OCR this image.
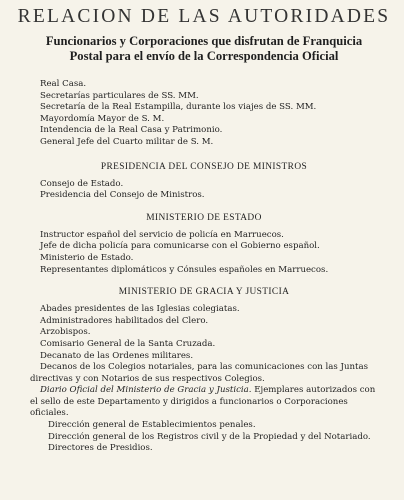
RELACION DE LAS AUTORIDADES
Funcionarios y Corporaciones que disfrutan de Franquicia
Postal para el envío de la Correspondencia Oficial
Real Casa.
Secretarías particulares de SS. MM.
Secretaría de la Real Estampilla, durante los viajes de SS. MM.
Mayordomía Mayor de S. M.
Intendencia de la Real Casa y Patrimonio.
General Jefe del Cuarto militar de S. M.
PRESIDENCIA DEL CONSEJO DE MINISTROS
Consejo de Estado.
Presidencia del Consejo de Ministros.
MINISTERIO DE ESTADO
Instructor español del servicio de policía en Marruecos.
Jefe de dicha policía para comunicarse con el Gobierno español.
Ministerio de Estado.
Representantes diplomáticos y Cónsules españoles en Marruecos.
MINISTERIO DE GRACIA Y JUSTICIA
Abades presidentes de las Iglesias colegiatas.
Administradores habilitados del Clero.
Arzobispos.
Comisario General de la Santa Cruzada.
Decanato de las Ordenes militares.
Decanos de los Colegios notariales, para las comunicaciones con las Juntas directivas y con Notarios de sus respectivos Colegios.
Diario Oficial del Ministerio de Gracia y Justicia. Ejemplares autorizados con el sello de este Departamento y dirigidos a funcionarios o Corporaciones oficiales.
Dirección general de Establecimientos penales.
Dirección general de los Registros civil y de la Propiedad y del Notariado.
Directores de Presidios.
